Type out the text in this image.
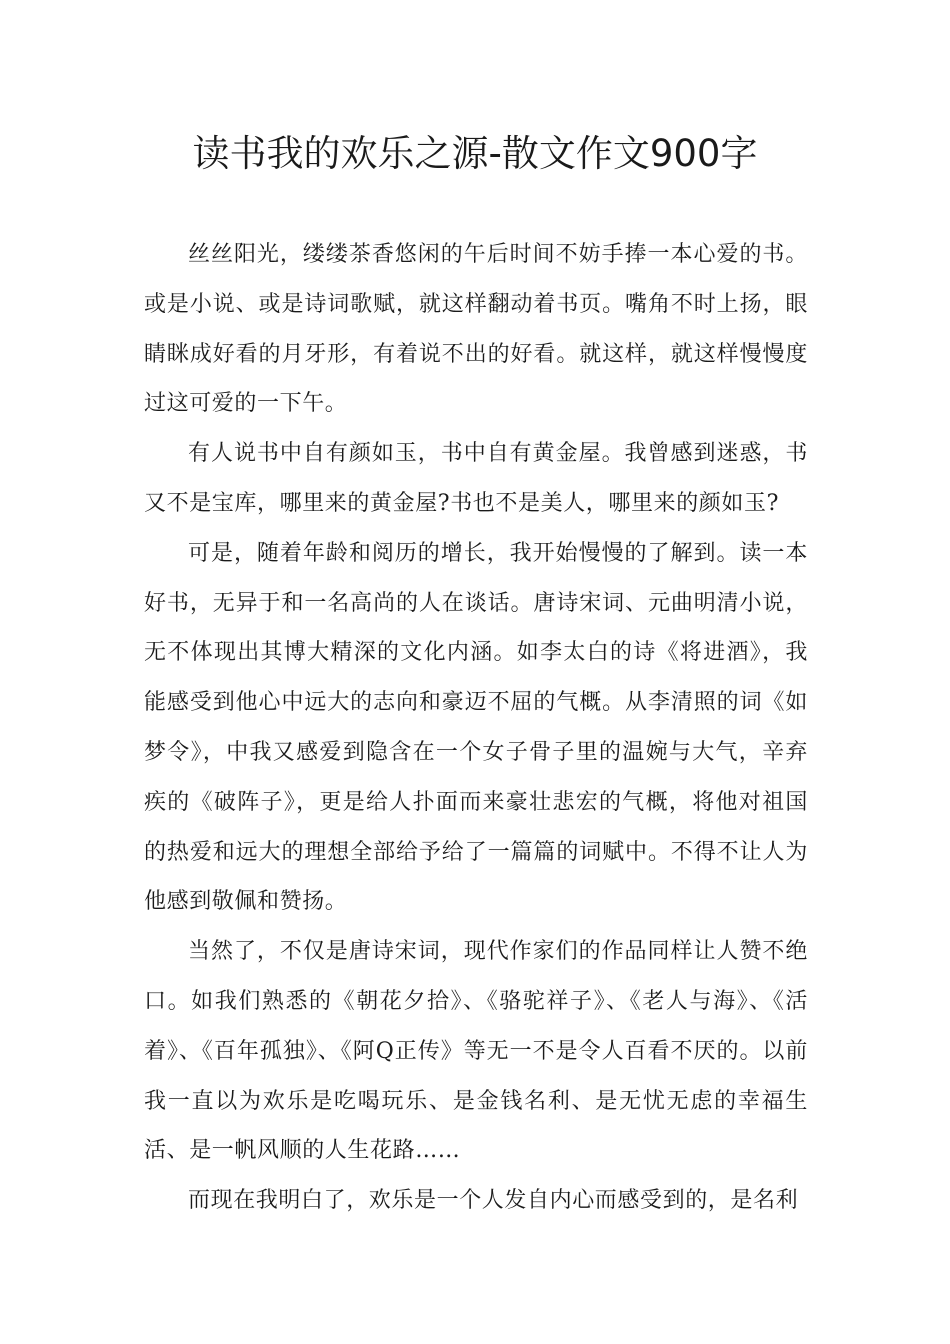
读书我的欢乐之源-散文作文900字

丝丝阳光，缕缕茶香悠闲的午后时间不妨手捧一本心爱的书。或是小说、或是诗词歌赋，就这样翻动着书页。嘴角不时上扬，眼睛眯成好看的月牙形，有着说不出的好看。就这样，就这样慢慢度过这可爱的一下午。

有人说书中自有颜如玉，书中自有黄金屋。我曾感到迷惑，书又不是宝库，哪里来的黄金屋?书也不是美人，哪里来的颜如玉?

可是，随着年龄和阅历的增长，我开始慢慢的了解到。读一本好书，无异于和一名高尚的人在谈话。唐诗宋词、元曲明清小说，无不体现出其博大精深的文化内涵。如李太白的诗《将进酒》，我能感受到他心中远大的志向和豪迈不屈的气概。从李清照的词《如梦令》，中我又感爱到隐含在一个女子骨子里的温婉与大气，辛弃疾的《破阵子》，更是给人扑面而来豪壮悲宏的气概，将他对祖国的热爱和远大的理想全部给予给了一篇篇的词赋中。不得不让人为他感到敬佩和赞扬。

当然了，不仅是唐诗宋词，现代作家们的作品同样让人赞不绝口。如我们熟悉的《朝花夕拾》、《骆驼祥子》、《老人与海》、《活着》、《百年孤独》、《阿Q正传》等无一不是令人百看不厌的。以前我一直以为欢乐是吃喝玩乐、是金钱名利、是无忧无虑的幸福生活、是一帆风顺的人生花路……

而现在我明白了，欢乐是一个人发自内心而感受到的，是名利
